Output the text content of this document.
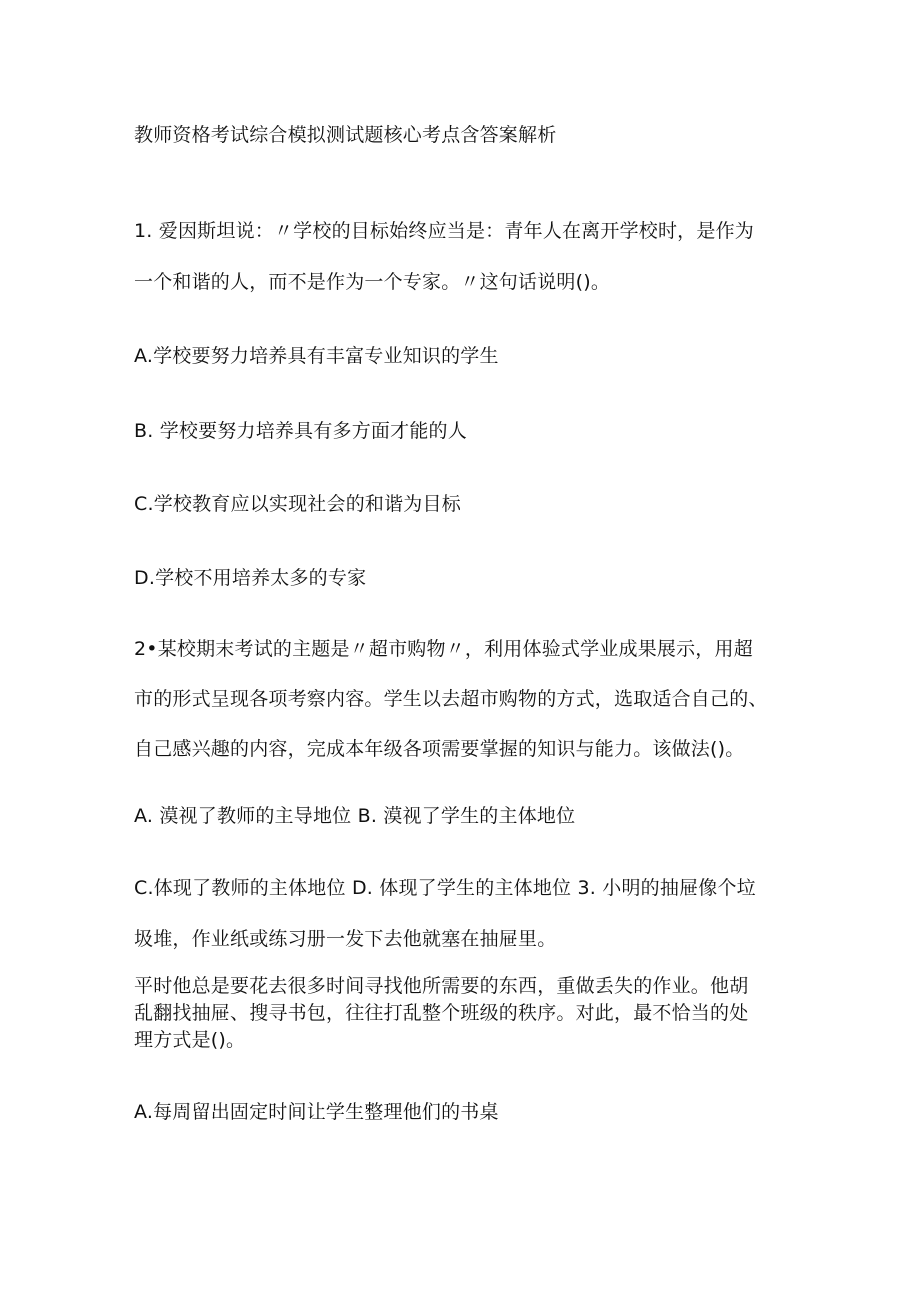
教师资格考试综合模拟测试题核心考点含答案解析
1. 爱因斯坦说：〃学校的目标始终应当是：青年人在离开学校时，是作为
一个和谐的人，而不是作为一个专家。〃这句话说明()。
A.学校要努力培养具有丰富专业知识的学生
B. 学校要努力培养具有多方面才能的人
C.学校教育应以实现社会的和谐为目标
D.学校不用培养太多的专家
2•某校期末考试的主题是〃超市购物〃，利用体验式学业成果展示，用超
市的形式呈现各项考察内容。学生以去超市购物的方式，选取适合自己的、
自己感兴趣的内容，完成本年级各项需要掌握的知识与能力。该做法()。
A. 漠视了教师的主导地位 B. 漠视了学生的主体地位
C.体现了教师的主体地位 D. 体现了学生的主体地位 3. 小明的抽屉像个垃
圾堆，作业纸或练习册一发下去他就塞在抽屉里。
平时他总是要花去很多时间寻找他所需要的东西，重做丢失的作业。他胡
乱翻找抽屉、搜寻书包，往往打乱整个班级的秩序。对此，最不恰当的处
理方式是()。
A.每周留出固定时间让学生整理他们的书桌
